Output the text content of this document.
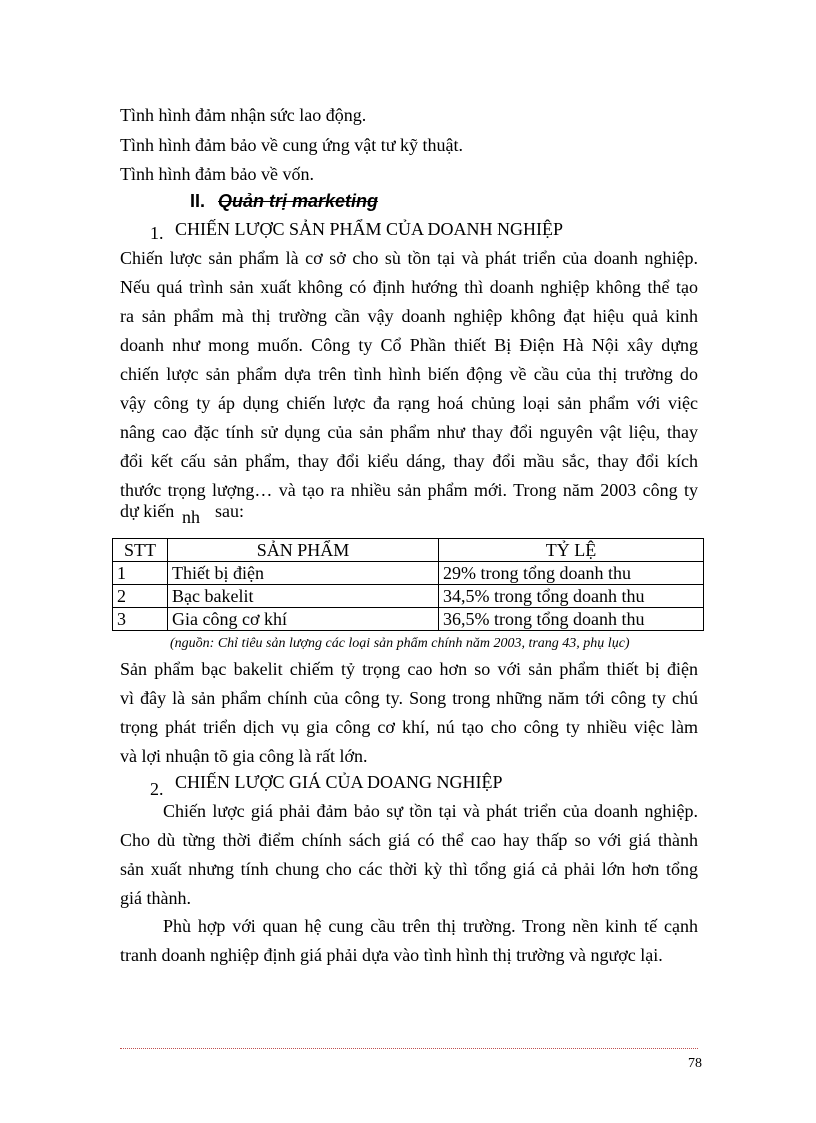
Tình hình đảm nhận sức lao động.
Tình hình đảm bảo về cung ứng vật tư kỹ thuật.
Tình hình đảm bảo về vốn.
II. Quản trị marketing
1. CHIẾN LƯỢC SẢN PHẨM CỦA DOANH NGHIỆP
Chiến lược sản phẩm là cơ sở cho sù tồn tại và phát triển của doanh nghiệp.
Nếu quá trình sản xuất không có định hướng thì doanh nghiệp không thể tạo
ra sản phẩm mà thị trường cần vậy doanh nghiệp không đạt hiệu quả kinh
doanh như mong muốn. Công ty Cổ Phần thiết Bị Điện Hà Nội xây dựng
chiến lược sản phẩm dựa trên tình hình biến động về cầu của thị trường do
vậy công ty áp dụng chiến lược đa rạng hoá chủng loại sản phẩm với việc
nâng cao đặc tính sử dụng của sản phẩm như thay đổi nguyên vật liệu, thay
đổi kết cấu sản phẩm, thay đổi kiểu dáng, thay đổi mầu sắc, thay đổi kích
thước trọng lượng… và tạo ra nhiều sản phẩm mới. Trong năm 2003 công ty
dự kiến nh sau:
STT	SẢN PHẨM	TỶ LỆ
1	Thiết bị điện	29% trong tổng doanh thu
2	Bạc bakelit	34,5% trong tổng doanh thu
3	Gia công cơ khí	36,5% trong tổng doanh thu
(nguồn: Chỉ tiêu sản lượng các loại sản phẩm chính năm 2003, trang 43, phụ lục)
Sản phẩm bạc bakelit chiếm tỷ trọng cao hơn so với sản phẩm thiết bị điện
vì đây là sản phẩm chính của công ty. Song trong những năm tới công ty chú
trọng phát triển dịch vụ gia công cơ khí, nú tạo cho công ty nhiều việc làm
và lợi nhuận tõ gia công là rất lớn.
2. CHIẾN LƯỢC GIÁ CỦA DOANG NGHIỆP
Chiến lược giá phải đảm bảo sự tồn tại và phát triển của doanh nghiệp.
Cho dù từng thời điểm chính sách giá có thể cao hay thấp so với giá thành
sản xuất nhưng tính chung cho các thời kỳ thì tổng giá cả phải lớn hơn tổng
giá thành.
Phù hợp với quan hệ cung cầu trên thị trường. Trong nền kinh tế cạnh
tranh doanh nghiệp định giá phải dựa vào tình hình thị trường và ngược lại.
78
